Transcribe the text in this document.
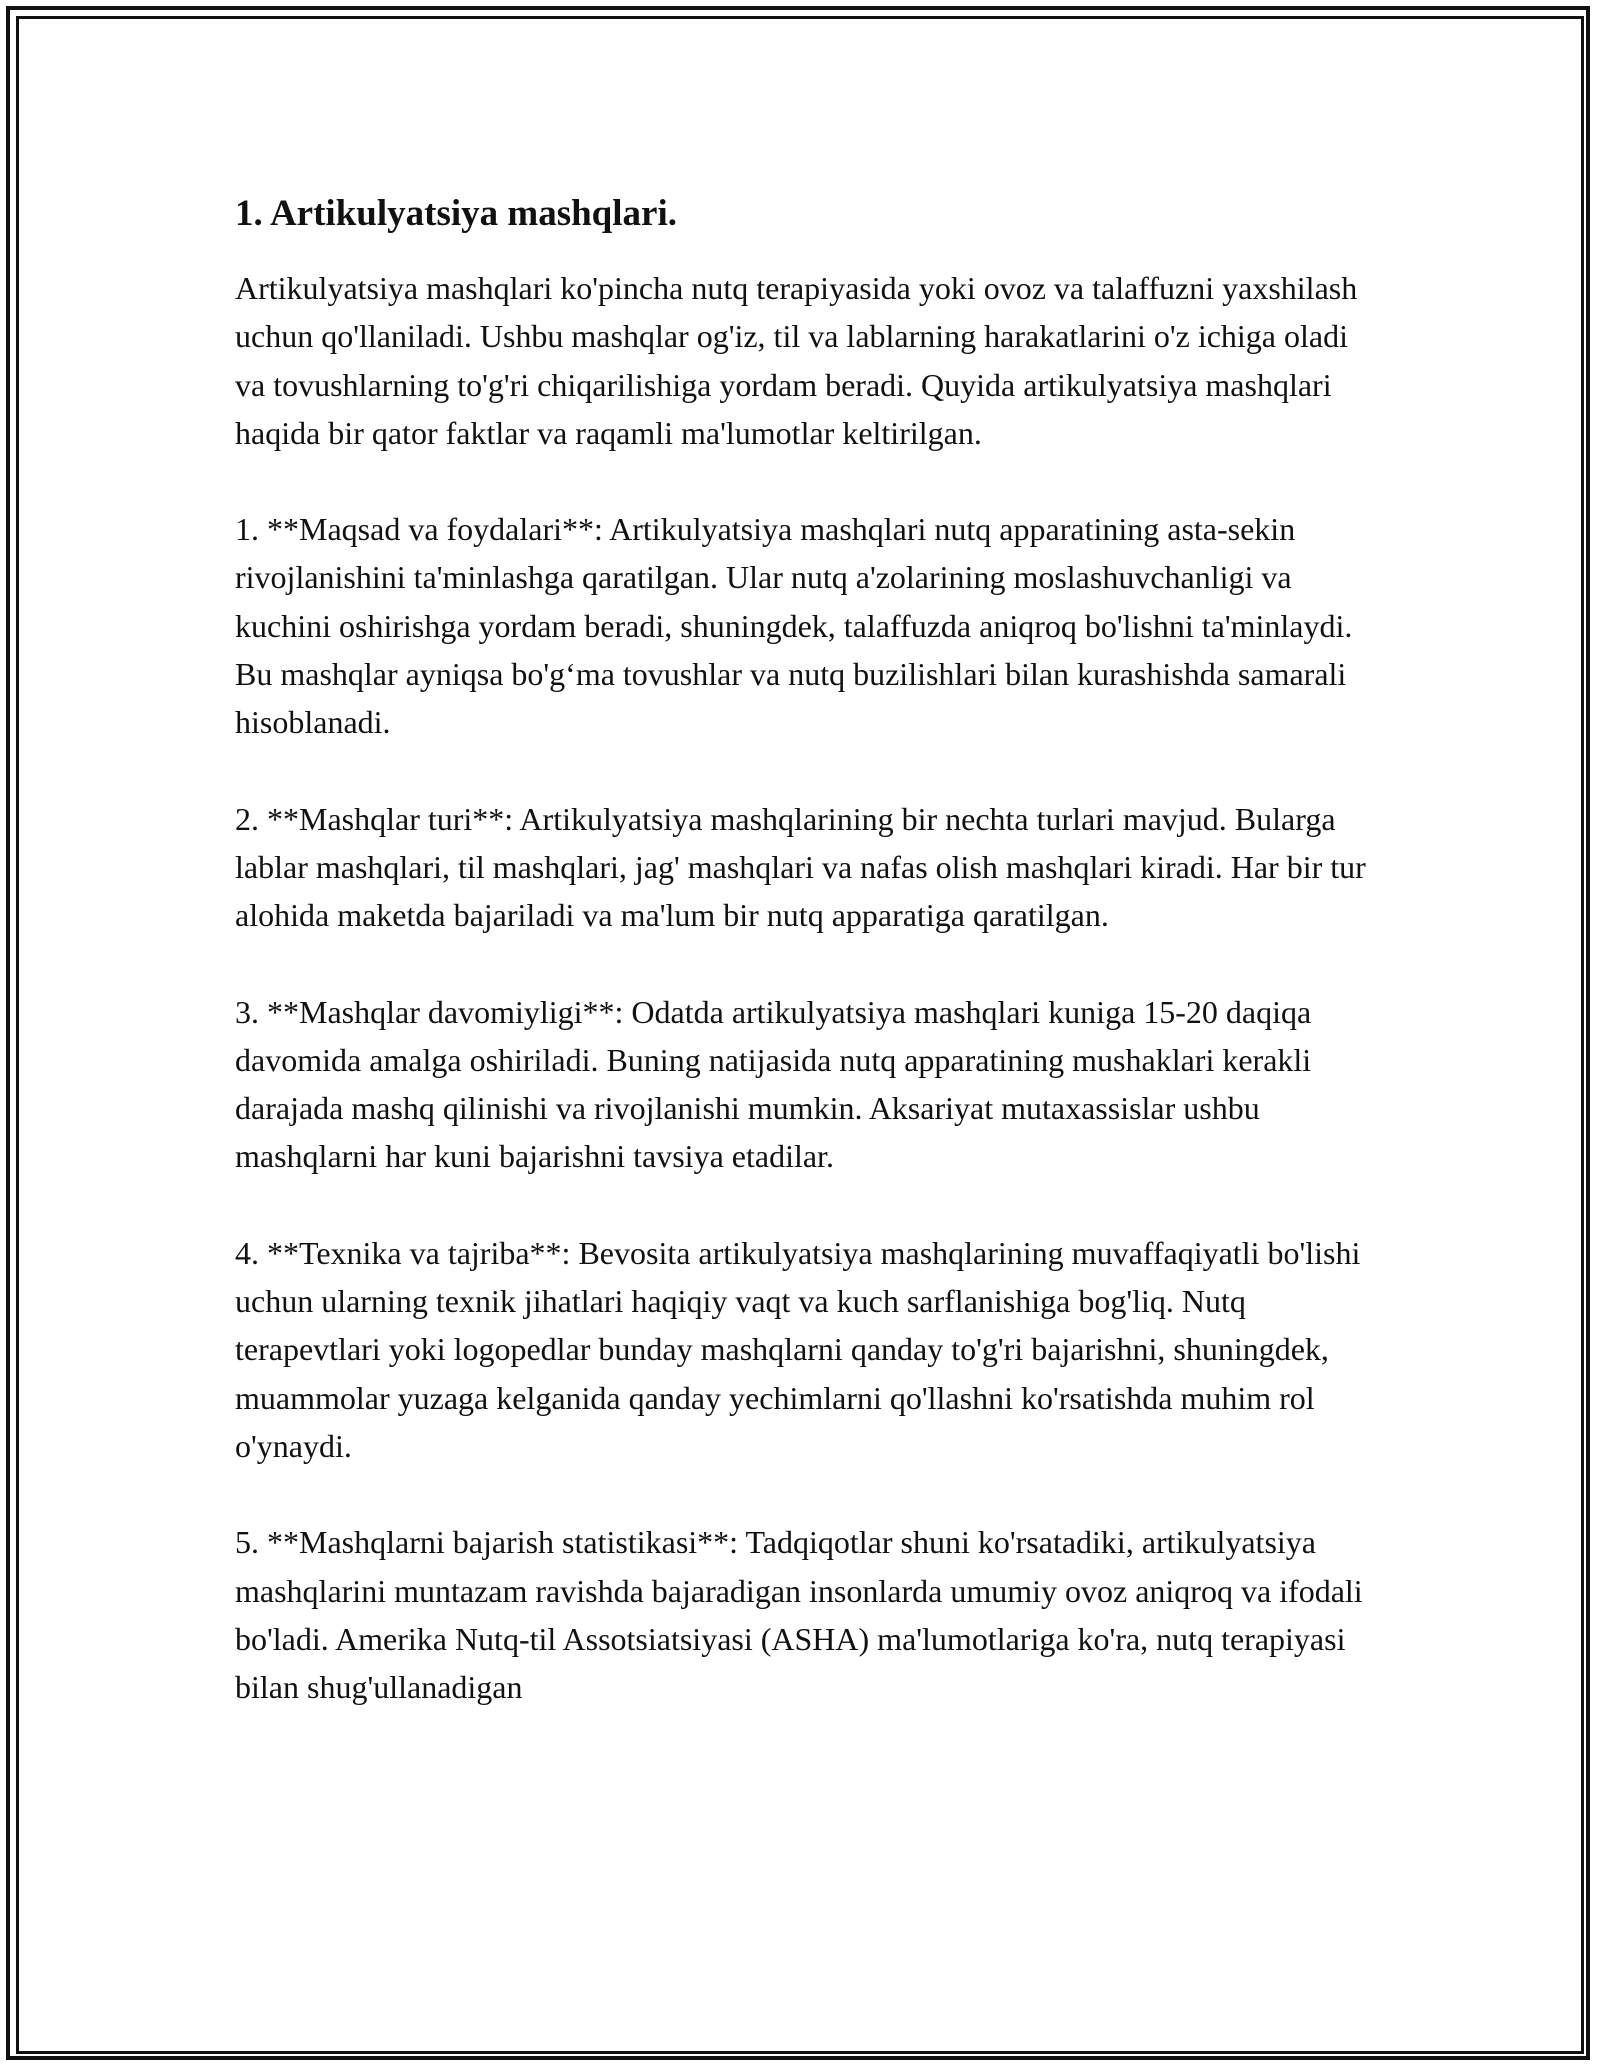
1. Artikulyatsiya mashqlari.

Artikulyatsiya mashqlari ko'pincha nutq terapiyasida yoki ovoz va talaffuzni yaxshilash uchun qo'llaniladi. Ushbu mashqlar og'iz, til va lablarning harakatlarini o'z ichiga oladi va tovushlarning to'g'ri chiqarilishiga yordam beradi. Quyida artikulyatsiya mashqlari haqida bir qator faktlar va raqamli ma'lumotlar keltirilgan.

1. **Maqsad va foydalari**: Artikulyatsiya mashqlari nutq apparatining asta-sekin rivojlanishini ta'minlashga qaratilgan. Ular nutq a'zolarining moslashuvchanligi va kuchini oshirishga yordam beradi, shuningdek, talaffuzda aniqroq bo'lishni ta'minlaydi. Bu mashqlar ayniqsa bo'g‘ma tovushlar va nutq buzilishlari bilan kurashishda samarali hisoblanadi.

2. **Mashqlar turi**: Artikulyatsiya mashqlarining bir nechta turlari mavjud. Bularga lablar mashqlari, til mashqlari, jag' mashqlari va nafas olish mashqlari kiradi. Har bir tur alohida maketda bajariladi va ma'lum bir nutq apparatiga qaratilgan.

3. **Mashqlar davomiyligi**: Odatda artikulyatsiya mashqlari kuniga 15-20 daqiqa davomida amalga oshiriladi. Buning natijasida nutq apparatining mushaklari kerakli darajada mashq qilinishi va rivojlanishi mumkin. Aksariyat mutaxassislar ushbu mashqlarni har kuni bajarishni tavsiya etadilar.

4. **Texnika va tajriba**: Bevosita artikulyatsiya mashqlarining muvaffaqiyatli bo'lishi uchun ularning texnik jihatlari haqiqiy vaqt va kuch sarflanishiga bog'liq. Nutq terapevtlari yoki logopedlar bunday mashqlarni qanday to'g'ri bajarishni, shuningdek, muammolar yuzaga kelganida qanday yechimlarni qo'llashni ko'rsatishda muhim rol o'ynaydi.

5. **Mashqlarni bajarish statistikasi**: Tadqiqotlar shuni ko'rsatadiki, artikulyatsiya mashqlarini muntazam ravishda bajaradigan insonlarda umumiy ovoz aniqroq va ifodali bo'ladi. Amerika Nutq-til Assotsiatsiyasi (ASHA) ma'lumotlariga ko'ra, nutq terapiyasi bilan shug'ullanadigan
